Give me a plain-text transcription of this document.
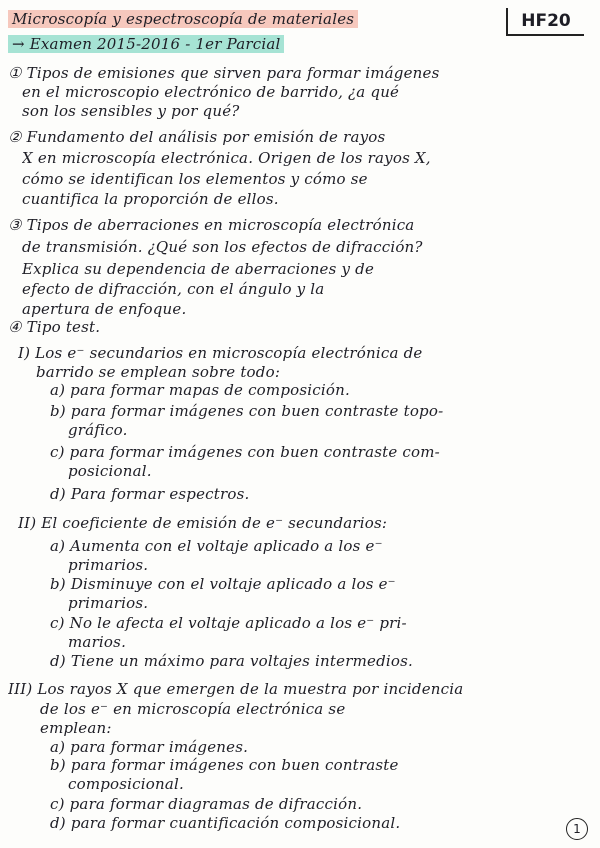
Microscopía y espectroscopía de materiales
→ Examen 2015-2016 - 1er Parcial
HF20
① Tipos de emisiones que sirven para formar imágenes
en el microscopio electrónico de barrido, ¿a qué
son los sensibles y por qué?
② Fundamento del análisis por emisión de rayos
X en microscopía electrónica. Origen de los rayos X,
cómo se identifican los elementos y cómo se
cuantifica la proporción de ellos.
③ Tipos de aberraciones en microscopía electrónica
de transmisión. ¿Qué son los efectos de difracción?
Explica su dependencia de aberraciones y de
efecto de difracción, con el ángulo y la
apertura de enfoque.
④ Tipo test.
I) Los e⁻ secundarios en microscopía electrónica de
barrido se emplean sobre todo:
a) para formar mapas de composición.
b) para formar imágenes con buen contraste topo-
gráfico.
c) para formar imágenes con buen contraste com-
posicional.
d) Para formar espectros.
II) El coeficiente de emisión de e⁻ secundarios:
a) Aumenta con el voltaje aplicado a los e⁻
primarios.
b) Disminuye con el voltaje aplicado a los e⁻
primarios.
c) No le afecta el voltaje aplicado a los e⁻ pri-
marios.
d) Tiene un máximo para voltajes intermedios.
III) Los rayos X que emergen de la muestra por incidencia
de los e⁻ en microscopía electrónica se
emplean:
a) para formar imágenes.
b) para formar imágenes con buen contraste
composicional.
c) para formar diagramas de difracción.
d) para formar cuantificación composicional.	1
